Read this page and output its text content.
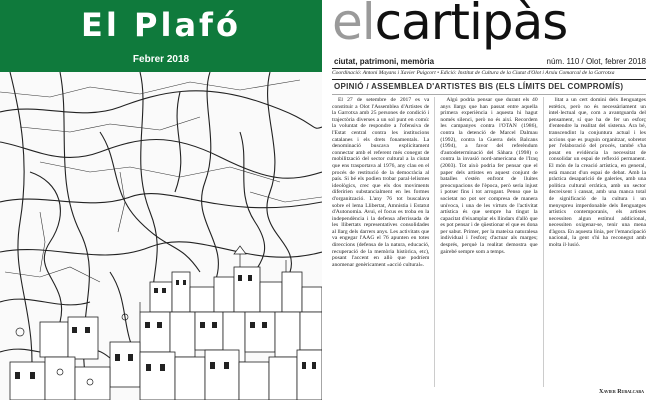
El Plafó
Febrer 2018
elcartipàs
ciutat, patrimoni, memòria	núm. 110 / Olot, febrer 2018
Coordinació: Antoni Mayans i Xavier Puigcort • Edició: Institut de Cultura de la Ciutat d'Olot i Arxiu Comarcal de la Garrotxa
OPINIÓ / ASSEMBLEA D'ARTISTES BIS (ELS LÍMITS DEL COMPROMÍS)

El 27 de setembre de 2017 es va constituir a Olot l'Assemblea d'Artistes de la Garrotxa amb 25 persones de condició i trajectòria diverses a un sol punt en comú: la voluntat de respondre a l'ofensiva de l'Estat central contra les institucions catalanes i els drets fonamentals. La denominació buscava explícitament connectar amb el referent més conegut de mobilització del sector cultural a la ciutat que ens trasportava al 1976, any clau en el procés de restitució de la democràcia al país. Si bé els podien trobar paral·lelismes ideològics, crec que els dos moviments diferirien substancialment en les formes d'organització. L'any 76 tot buscalava sobre el lema Llibertat, Amnistia i Estatut d'Autonomia. Avui, el focus es troba en la independència i la defensa aferrissada de les llibertats representatives consolidades al llarg dels darrers anys. Les activitats que va engegar l'AAG el 76 apunten en totes direccions (defensa de la natura, educació, recuperació de la memòria històrica, etc), posant l'accent en allò que podríem anomenar genèricament «acció cultural».

Algú podria pensar que durant els 40 anys llargs que han passat entre aquella primera experiència i aquesta hi hagut només silenci, però no és així. Recordem les campanyes contra l'OTAN (1986), contra la detenció de Marcel Dalmau (1992), contra la Guerra dels Balcans (1994), a favor del referèndum d'autodeterminació del Sàhara (1998) o contra la invasió nord-americana de l'Iraq (2003). Tot això podria fer pensar que el paper dels artistes en aquest conjunt de batalles s'estén enfront de lluites preocupacions de l'època, però seria injust i potser fins i tot arrogant. Penso que la societat no pot ser compresa de manera unívoca, i una de les virtuts de l'activitat artística és que sempre ha tingut la capacitat d'eixamplar els llindars d'allò que es pot pensar i de qüestionar el que es dona per sabut. Primer, per la mateixa naturalesa individual i l'esforç d'actuar als marges; després, perquè la realitat demostra que gairebé sempre som a temps.

litat a un cert domini dels llenguatges estètics, però no és necessàriament un intel·lectual que, com a avantguarda del pensament, sí que ha de fer un esforç d'entendre la realitat del sistema. Ara bé, transcendint la conjuntura actual i les accions que es puguin organitzar, sobretot per l'elaboració del procés, també s'ha posat en evidència la necessitat de consolidar un espai de reflexió permanent. El món de la creació artística, en general, està mancat d'un espai de debat. Amb la pràctica desaparició de galeries, amb una política cultural erràtica, amb un sector decreixent i cansat, amb una manca total de significació de la cultura i un menyspreu imperdonable dels llenguatges artístics contemporanis, els artistes necessiten algun estímul addicional, necessiten oxigenar-se, tenir una mena d'àgora. En aquesta línia, per l'emancipació nacional, la gent s'hi ha reconegut amb molta il·lusió.

Xavier Rubalcaba
